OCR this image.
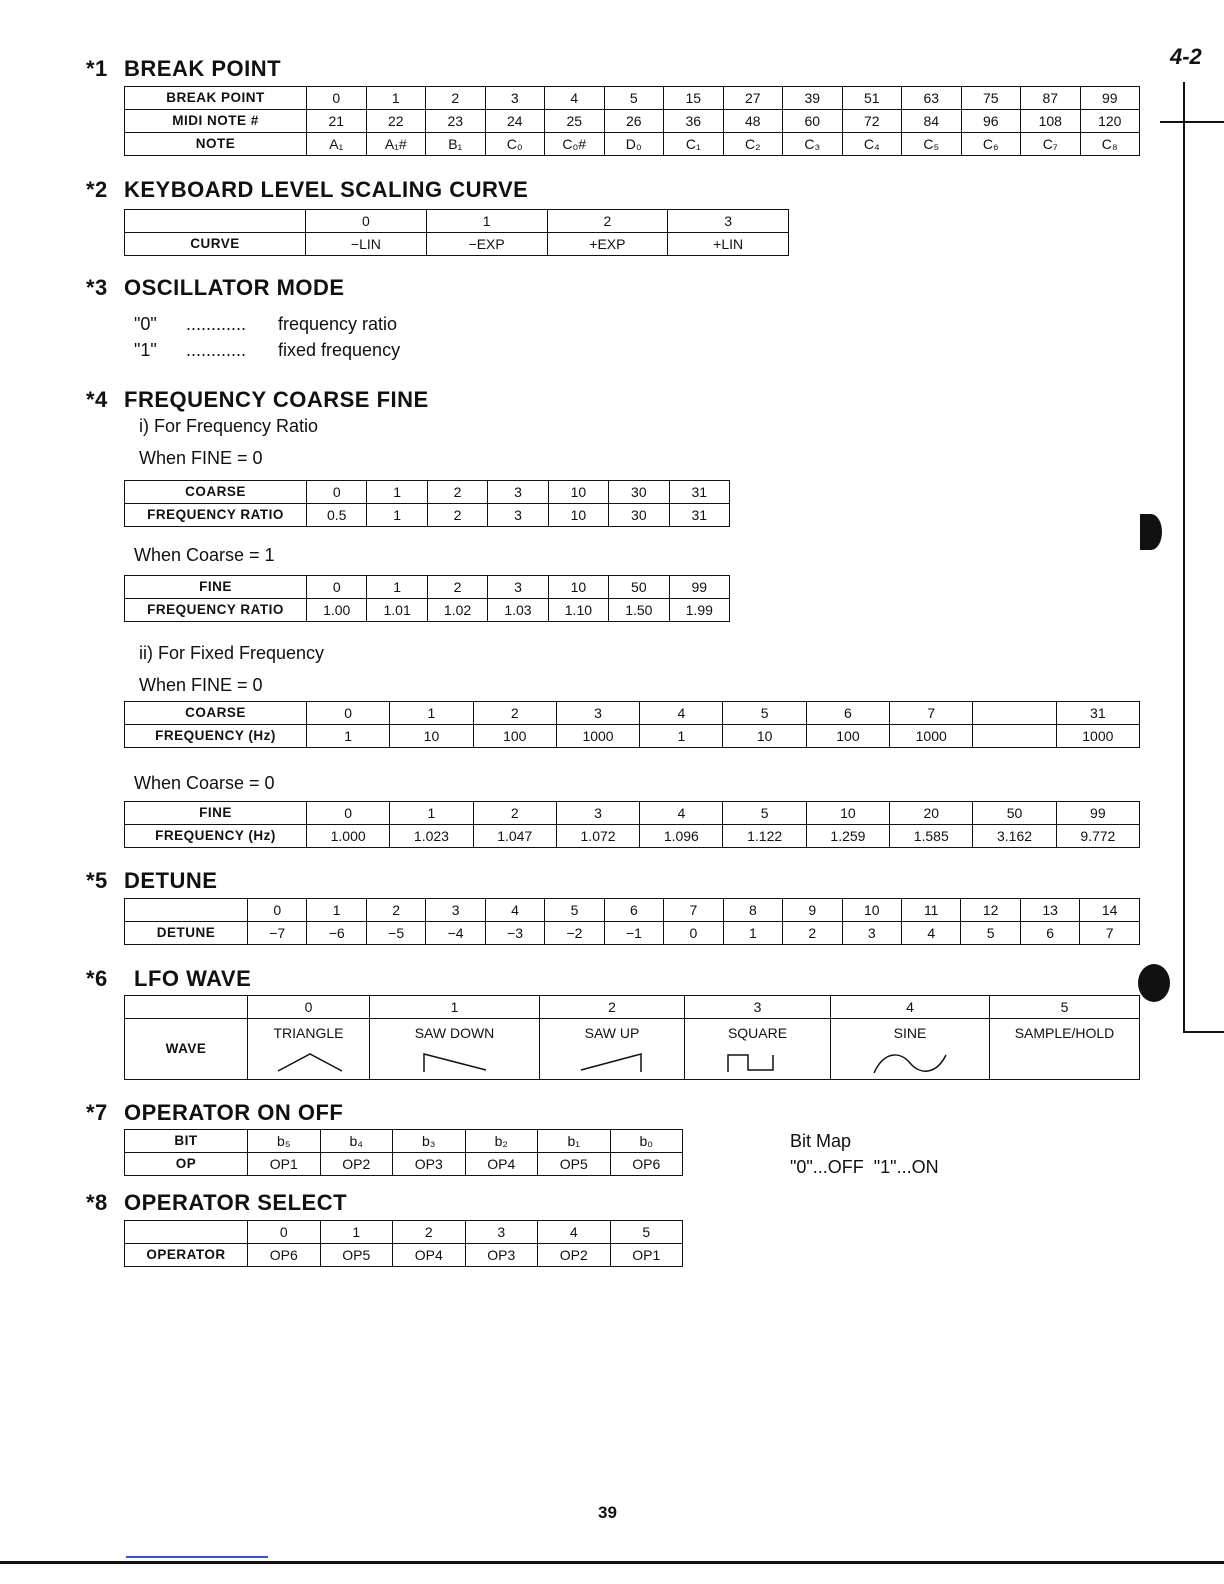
4-2
*1 BREAK POINT
BREAK POINT	0	1	2	3	4	5	15	27	39	51	63	75	87	99
MIDI NOTE #	21	22	23	24	25	26	36	48	60	72	84	96	108	120
NOTE	A₁	A₁#	B₁	C₀	C₀#	D₀	C₁	C₂	C₃	C₄	C₅	C₆	C₇	C₈
*2 KEYBOARD LEVEL SCALING CURVE
	0	1	2	3
CURVE	−LIN	−EXP	+EXP	+LIN
*3 OSCILLATOR MODE
"0" ............ frequency ratio
"1" ............ fixed frequency
*4 FREQUENCY COARSE FINE
i) For Frequency Ratio
When FINE = 0
COARSE	0	1	2	3	10	30	31
FREQUENCY RATIO	0.5	1	2	3	10	30	31
When Coarse = 1
FINE	0	1	2	3	10	50	99
FREQUENCY RATIO	1.00	1.01	1.02	1.03	1.10	1.50	1.99
ii) For Fixed Frequency
When FINE = 0
COARSE	0	1	2	3	4	5	6	7		31
FREQUENCY (Hz)	1	10	100	1000	1	10	100	1000		1000
When Coarse = 0
FINE	0	1	2	3	4	5	10	20	50	99
FREQUENCY (Hz)	1.000	1.023	1.047	1.072	1.096	1.122	1.259	1.585	3.162	9.772
*5 DETUNE
	0	1	2	3	4	5	6	7	8	9	10	11	12	13	14
DETUNE	−7	−6	−5	−4	−3	−2	−1	0	1	2	3	4	5	6	7
*6 LFO WAVE
	0	1	2	3	4	5
WAVE	TRIANGLE	SAW DOWN	SAW UP	SQUARE	SINE	SAMPLE/HOLD
*7 OPERATOR ON OFF
BIT	b₅	b₄	b₃	b₂	b₁	b₀
OP	OP1	OP2	OP3	OP4	OP5	OP6
Bit Map
"0"...OFF  "1"...ON
*8 OPERATOR SELECT
	0	1	2	3	4	5
OPERATOR	OP6	OP5	OP4	OP3	OP2	OP1
39
